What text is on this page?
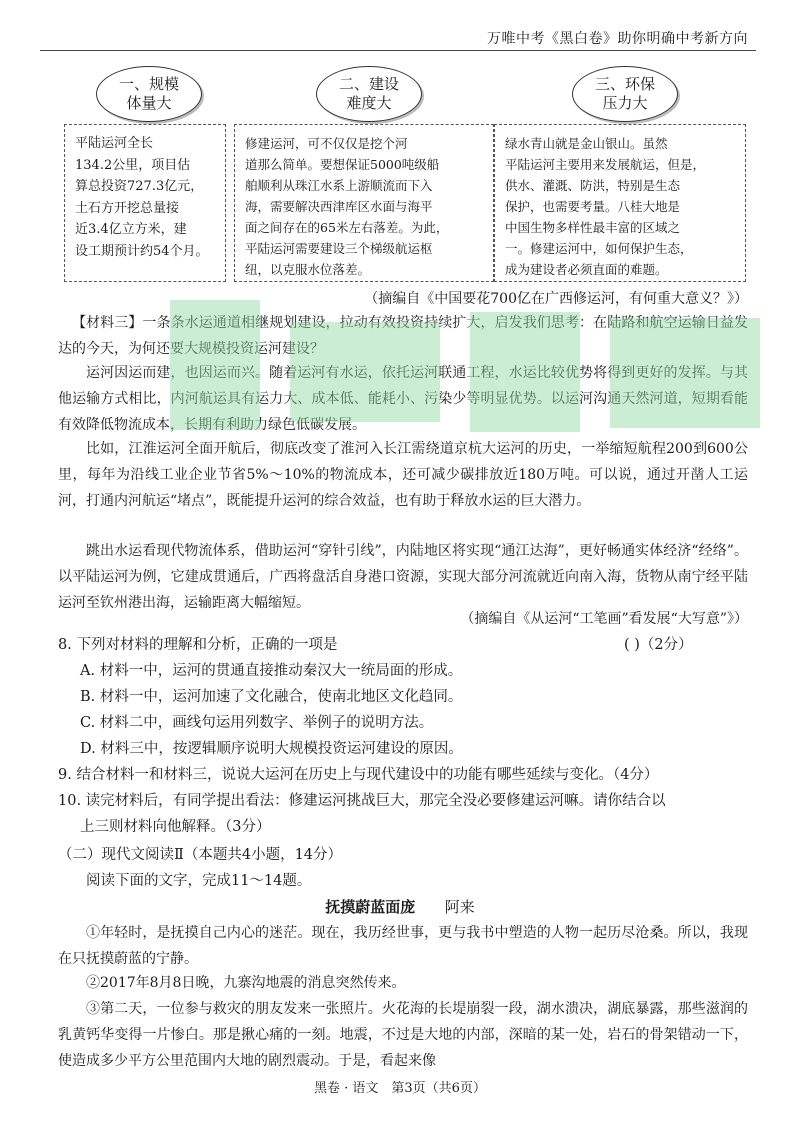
万唯中考《黑白卷》助你明确中考新方向
一、规模
体量大
二、建设
难度大
三、环保
压力大
平陆运河全长
134.2公里，项目估
算总投资727.3亿元，
土石方开挖总量接
近3.4亿立方米，建
设工期预计约54个月。
修建运河，可不仅仅是挖个河
道那么简单。要想保证5000吨级船
舶顺利从珠江水系上游顺流而下入
海，需要解决西津库区水面与海平
面之间存在的65米左右落差。为此，
平陆运河需要建设三个梯级航运枢
纽，以克服水位落差。
绿水青山就是金山银山。虽然
平陆运河主要用来发展航运，但是，
供水、灌溉、防洪，特别是生态
保护，也需要考量。八桂大地是
中国生物多样性最丰富的区域之
一。修建运河中，如何保护生态，
成为建设者必须直面的难题。

（摘编自《中国要花700亿在广西修运河，有何重大意义？》）

【材料三】一条条水运通道相继规划建设，拉动有效投资持续扩大，启发我们思考：在陆路和航空运输日益发达的今天，为何还要大规模投资运河建设？

运河因运而建，也因运而兴。随着运河有水运，依托运河联通工程，水运比较优势将得到更好的发挥。与其他运输方式相比，内河航运具有运力大、成本低、能耗小、污染少等明显优势。以运河沟通天然河道，短期看能有效降低物流成本，长期有利助力绿色低碳发展。

比如，江淮运河全面开航后，彻底改变了淮河入长江需绕道京杭大运河的历史，一举缩短航程200到600公里，每年为沿线工业企业节省5%～10%的物流成本，还可减少碳排放近180万吨。可以说，通过开凿人工运河，打通内河航运“堵点”，既能提升运河的综合效益，也有助于释放水运的巨大潜力。

跳出水运看现代物流体系，借助运河“穿针引线”，内陆地区将实现“通江达海”，更好畅通实体经济“经络”。以平陆运河为例，它建成贯通后，广西将盘活自身港口资源，实现大部分河流就近向南入海，货物从南宁经平陆运河至钦州港出海，运输距离大幅缩短。

（摘编自《从运河“工笔画”看发展“大写意”》）

8. 下列对材料的理解和分析，正确的一项是	( )（2分）

A. 材料一中，运河的贯通直接推动秦汉大一统局面的形成。

B. 材料一中，运河加速了文化融合，使南北地区文化趋同。

C. 材料二中，画线句运用列数字、举例子的说明方法。

D. 材料三中，按逻辑顺序说明大规模投资运河建设的原因。

9. 结合材料一和材料三，说说大运河在历史上与现代建设中的功能有哪些延续与变化。（4分）

10. 读完材料后，有同学提出看法：修建运河挑战巨大，那完全没必要修建运河嘛。请你结合以

上三则材料向他解释。（3分）

（二）现代文阅读Ⅱ（本题共4小题，14分）

阅读下面的文字，完成11～14题。

抚摸蔚蓝面庞 阿来

①年轻时，是抚摸自己内心的迷茫。现在，我历经世事，更与我书中塑造的人物一起历尽沧桑。所以，我现在只抚摸蔚蓝的宁静。

②2017年8月8日晚，九寨沟地震的消息突然传来。

③第二天，一位参与救灾的朋友发来一张照片。火花海的长堤崩裂一段，湖水溃决，湖底暴露，那些滋润的乳黄钙华变得一片惨白。那是揪心痛的一刻。地震，不过是大地的内部，深暗的某一处，岩石的骨架错动一下，使造成多少平方公里范围内大地的剧烈震动。于是，看起来像

黑卷 · 语文　第3页（共6页）
